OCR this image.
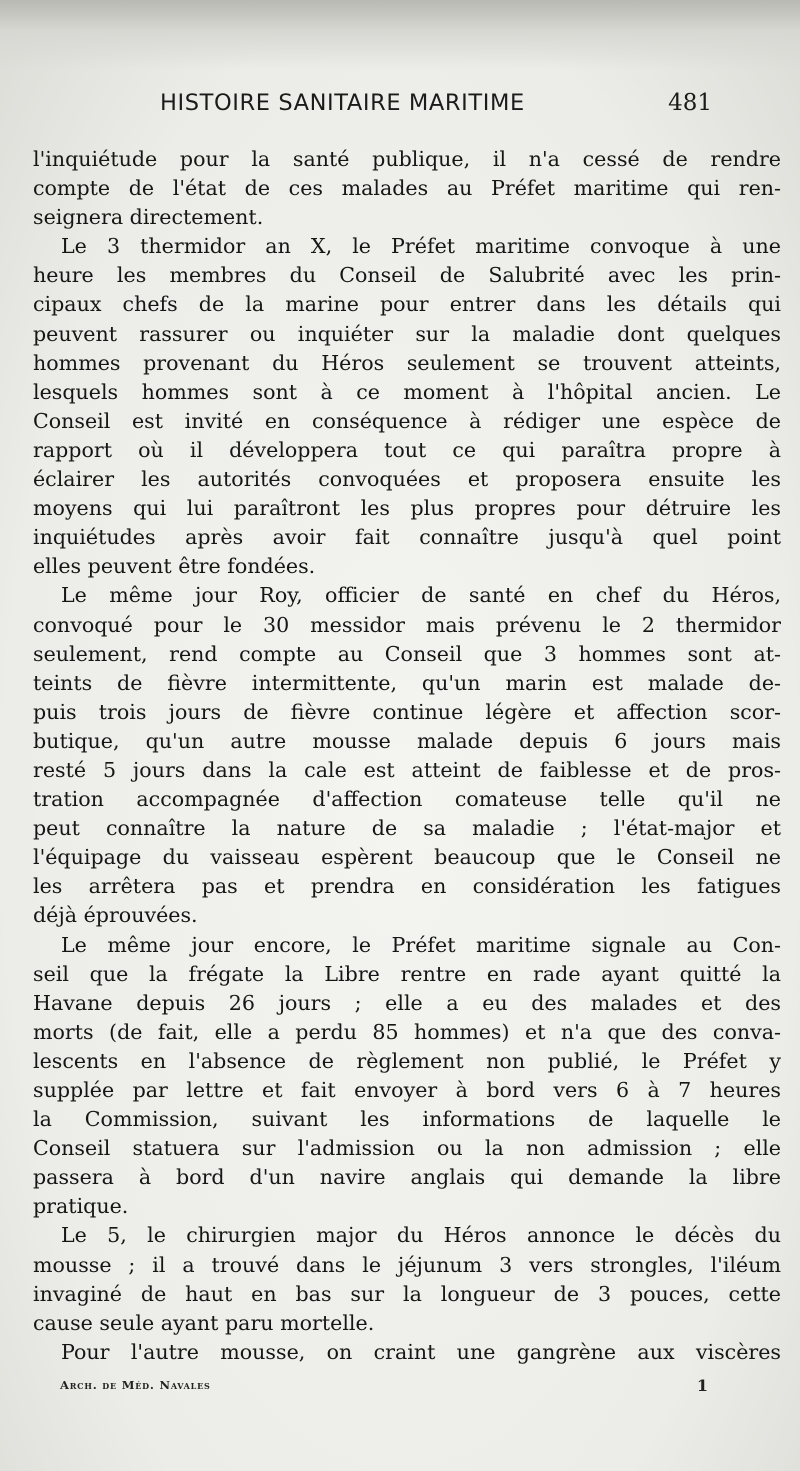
HISTOIRE SANITAIRE MARITIME	481
l'inquiétude pour la santé publique, il n'a cessé de rendre
compte de l'état de ces malades au Préfet maritime qui ren-
seignera directement.
Le 3 thermidor an X, le Préfet maritime convoque à une
heure les membres du Conseil de Salubrité avec les prin-
cipaux chefs de la marine pour entrer dans les détails qui
peuvent rassurer ou inquiéter sur la maladie dont quelques
hommes provenant du Héros seulement se trouvent atteints,
lesquels hommes sont à ce moment à l'hôpital ancien. Le
Conseil est invité en conséquence à rédiger une espèce de
rapport où il développera tout ce qui paraîtra propre à
éclairer les autorités convoquées et proposera ensuite les
moyens qui lui paraîtront les plus propres pour détruire les
inquiétudes après avoir fait connaître jusqu'à quel point
elles peuvent être fondées.
Le même jour Roy, officier de santé en chef du Héros,
convoqué pour le 30 messidor mais prévenu le 2 thermidor
seulement, rend compte au Conseil que 3 hommes sont at-
teints de fièvre intermittente, qu'un marin est malade de-
puis trois jours de fièvre continue légère et affection scor-
butique, qu'un autre mousse malade depuis 6 jours mais
resté 5 jours dans la cale est atteint de faiblesse et de pros-
tration accompagnée d'affection comateuse telle qu'il ne
peut connaître la nature de sa maladie ; l'état-major et
l'équipage du vaisseau espèrent beaucoup que le Conseil ne
les arrêtera pas et prendra en considération les fatigues
déjà éprouvées.
Le même jour encore, le Préfet maritime signale au Con-
seil que la frégate la Libre rentre en rade ayant quitté la
Havane depuis 26 jours ; elle a eu des malades et des
morts (de fait, elle a perdu 85 hommes) et n'a que des conva-
lescents en l'absence de règlement non publié, le Préfet y
supplée par lettre et fait envoyer à bord vers 6 à 7 heures
la Commission, suivant les informations de laquelle le
Conseil statuera sur l'admission ou la non admission ; elle
passera à bord d'un navire anglais qui demande la libre
pratique.
Le 5, le chirurgien major du Héros annonce le décès du
mousse ; il a trouvé dans le jéjunum 3 vers strongles, l'iléum
invaginé de haut en bas sur la longueur de 3 pouces, cette
cause seule ayant paru mortelle.
Pour l'autre mousse, on craint une gangrène aux viscères
Arch. de Méd. Navales	1
